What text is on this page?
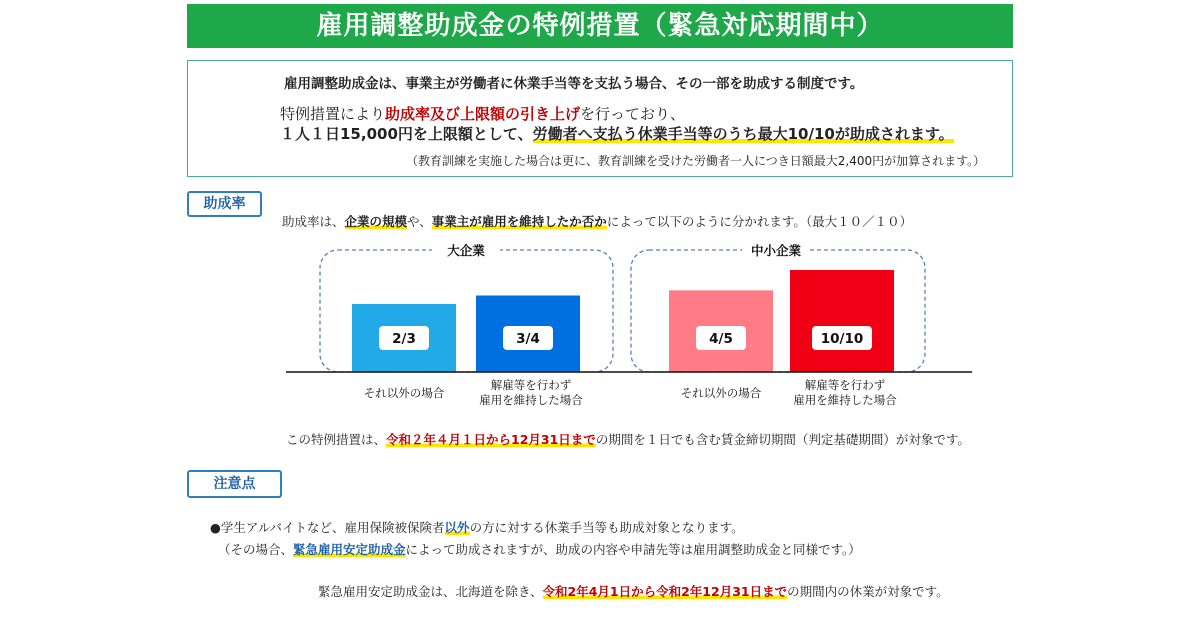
雇用調整助成金の特例措置（緊急対応期間中）
雇用調整助成金は、事業主が労働者に休業手当等を支払う場合、その一部を助成する制度です。
特例措置により助成率及び上限額の引き上げを行っており、
１人１日15,000円を上限額として、労働者へ支払う休業手当等のうち最大10/10が助成されます。
（教育訓練を実施した場合は更に、教育訓練を受けた労働者一人につき日額最大2,400円が加算されます。）
助成率
助成率は、企業の規模や、事業主が雇用を維持したか否かによって以下のように分かれます。（最大１０／１０）
大企業
2/3
それ以外の場合
3/4
解雇等を行わず
雇用を維持した場合
中小企業
4/5
それ以外の場合
10/10
解雇等を行わず
雇用を維持した場合
この特例措置は、令和２年４月１日から12月31日までの期間を１日でも含む賃金締切期間（判定基礎期間）が対象です。
注意点
●学生アルバイトなど、雇用保険被保険者以外の方に対する休業手当等も助成対象となります。
（その場合、緊急雇用安定助成金によって助成されますが、助成の内容や申請先等は雇用調整助成金と同様です。）
緊急雇用安定助成金は、北海道を除き、令和2年4月1日から令和2年12月31日までの期間内の休業が対象です。
